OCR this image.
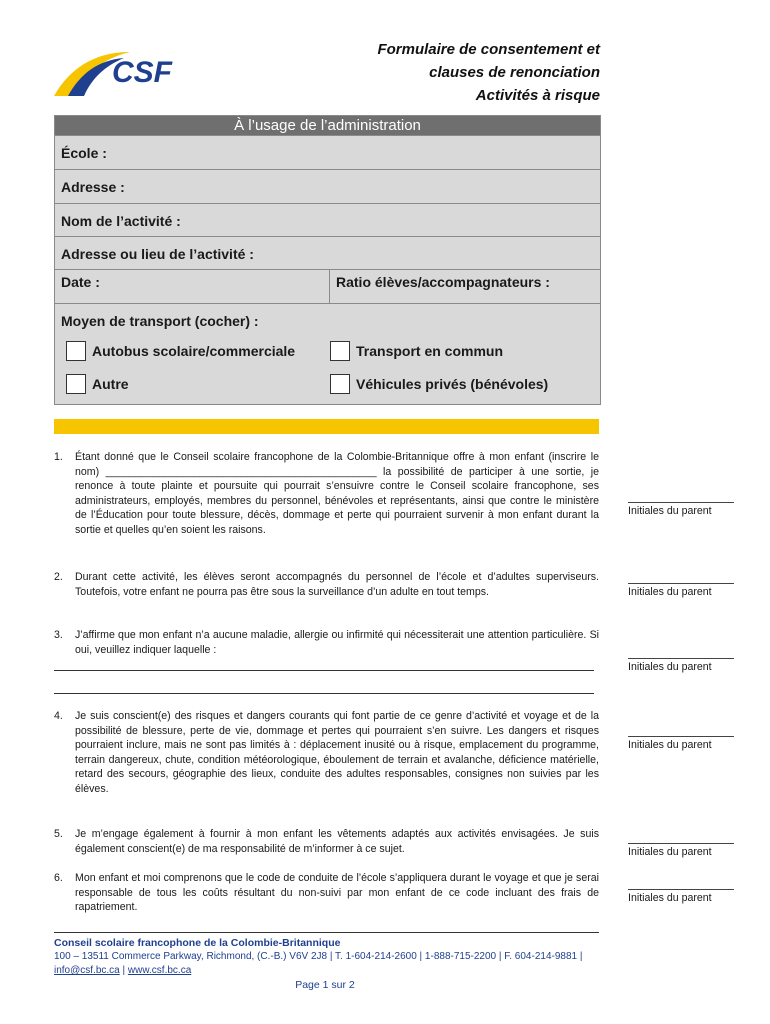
CSF
Formulaire de consentement et
clauses de renonciation
Activités à risque
À l’usage de l’administration
École :
Adresse :
Nom de l’activité :
Adresse ou lieu de l’activité :
Date :	Ratio élèves/accompagnateurs :
Moyen de transport (cocher) :
Autobus scolaire/commerciale	Transport en commun
Autre	Véhicules privés (bénévoles)
1.	Étant donné que le Conseil scolaire francophone de la Colombie-Britannique offre à mon enfant (inscrire le nom) ______________________________________________ la possibilité de participer à une sortie, je renonce à toute plainte et poursuite qui pourrait s’ensuivre contre le Conseil scolaire francophone, ses administrateurs, employés, membres du personnel, bénévoles et représentants, ainsi que contre le ministère de l’Éducation pour toute blessure, décès, dommage et perte qui pourraient survenir à mon enfant durant la sortie et quelles qu’en soient les raisons.
2.	Durant cette activité, les élèves seront accompagnés du personnel de l’école et d’adultes superviseurs. Toutefois, votre enfant ne pourra pas être sous la surveillance d’un adulte en tout temps.
3.	J’affirme que mon enfant n’a aucune maladie, allergie ou infirmité qui nécessiterait une attention particulière. Si oui, veuillez indiquer laquelle :
4.	Je suis conscient(e) des risques et dangers courants qui font partie de ce genre d’activité et voyage et de la possibilité de blessure, perte de vie, dommage et pertes qui pourraient s’en suivre. Les dangers et risques pourraient inclure, mais ne sont pas limités à : déplacement inusité ou à risque, emplacement du programme, terrain dangereux, chute, condition météorologique, éboulement de terrain et avalanche, déficience matérielle, retard des secours, géographie des lieux, conduite des adultes responsables, consignes non suivies par les élèves.
5.	Je m’engage également à fournir à mon enfant les vêtements adaptés aux activités envisagées. Je suis également conscient(e) de ma responsabilité de m’informer à ce sujet.
6.	Mon enfant et moi comprenons que le code de conduite de l’école s’appliquera durant le voyage et que je serai responsable de tous les coûts résultant du non-suivi par mon enfant de ce code incluant des frais de rapatriement.
Initiales du parent
Initiales du parent
Initiales du parent
Initiales du parent
Initiales du parent
Initiales du parent
Conseil scolaire francophone de la Colombie-Britannique
100 – 13511 Commerce Parkway, Richmond, (C.-B.) V6V 2J8 | T. 1-604-214-2600 | 1-888-715-2200 | F. 604-214-9881 |
info@csf.bc.ca | www.csf.bc.ca
Page 1 sur 2
